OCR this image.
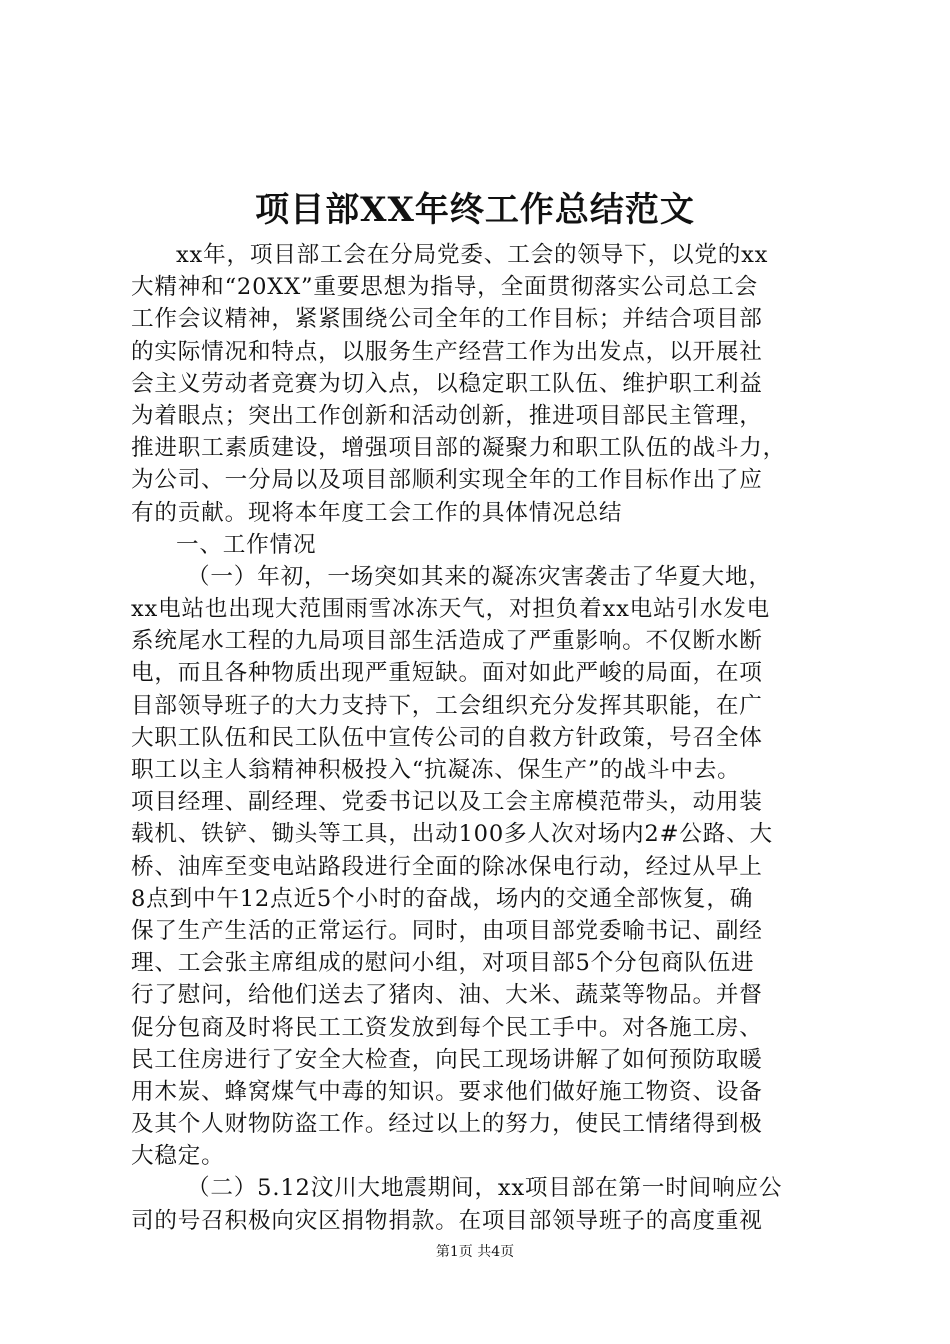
项目部XX年终工作总结范文
xx年，项目部工会在分局党委、工会的领导下，以党的xx
大精神和“20XX”重要思想为指导，全面贯彻落实公司总工会
工作会议精神，紧紧围绕公司全年的工作目标；并结合项目部
的实际情况和特点，以服务生产经营工作为出发点，以开展社
会主义劳动者竞赛为切入点，以稳定职工队伍、维护职工利益
为着眼点；突出工作创新和活动创新，推进项目部民主管理，
推进职工素质建设，增强项目部的凝聚力和职工队伍的战斗力，
为公司、一分局以及项目部顺利实现全年的工作目标作出了应
有的贡献。现将本年度工会工作的具体情况总结
一、工作情况
（一）年初，一场突如其来的凝冻灾害袭击了华夏大地，
xx电站也出现大范围雨雪冰冻天气，对担负着xx电站引水发电
系统尾水工程的九局项目部生活造成了严重影响。不仅断水断
电，而且各种物质出现严重短缺。面对如此严峻的局面，在项
目部领导班子的大力支持下，工会组织充分发挥其职能，在广
大职工队伍和民工队伍中宣传公司的自救方针政策，号召全体
职工以主人翁精神积极投入“抗凝冻、保生产”的战斗中去。
项目经理、副经理、党委书记以及工会主席模范带头，动用装
载机、铁铲、锄头等工具，出动100多人次对场内2#公路、大
桥、油库至变电站路段进行全面的除冰保电行动，经过从早上
8点到中午12点近5个小时的奋战，场内的交通全部恢复，确
保了生产生活的正常运行。同时，由项目部党委喻书记、副经
理、工会张主席组成的慰问小组，对项目部5个分包商队伍进
行了慰问，给他们送去了猪肉、油、大米、蔬菜等物品。并督
促分包商及时将民工工资发放到每个民工手中。对各施工房、
民工住房进行了安全大检查，向民工现场讲解了如何预防取暖
用木炭、蜂窝煤气中毒的知识。要求他们做好施工物资、设备
及其个人财物防盗工作。经过以上的努力，使民工情绪得到极
大稳定。
（二）5.12汶川大地震期间，xx项目部在第一时间响应公
司的号召积极向灾区捐物捐款。在项目部领导班子的高度重视
第1页 共4页
